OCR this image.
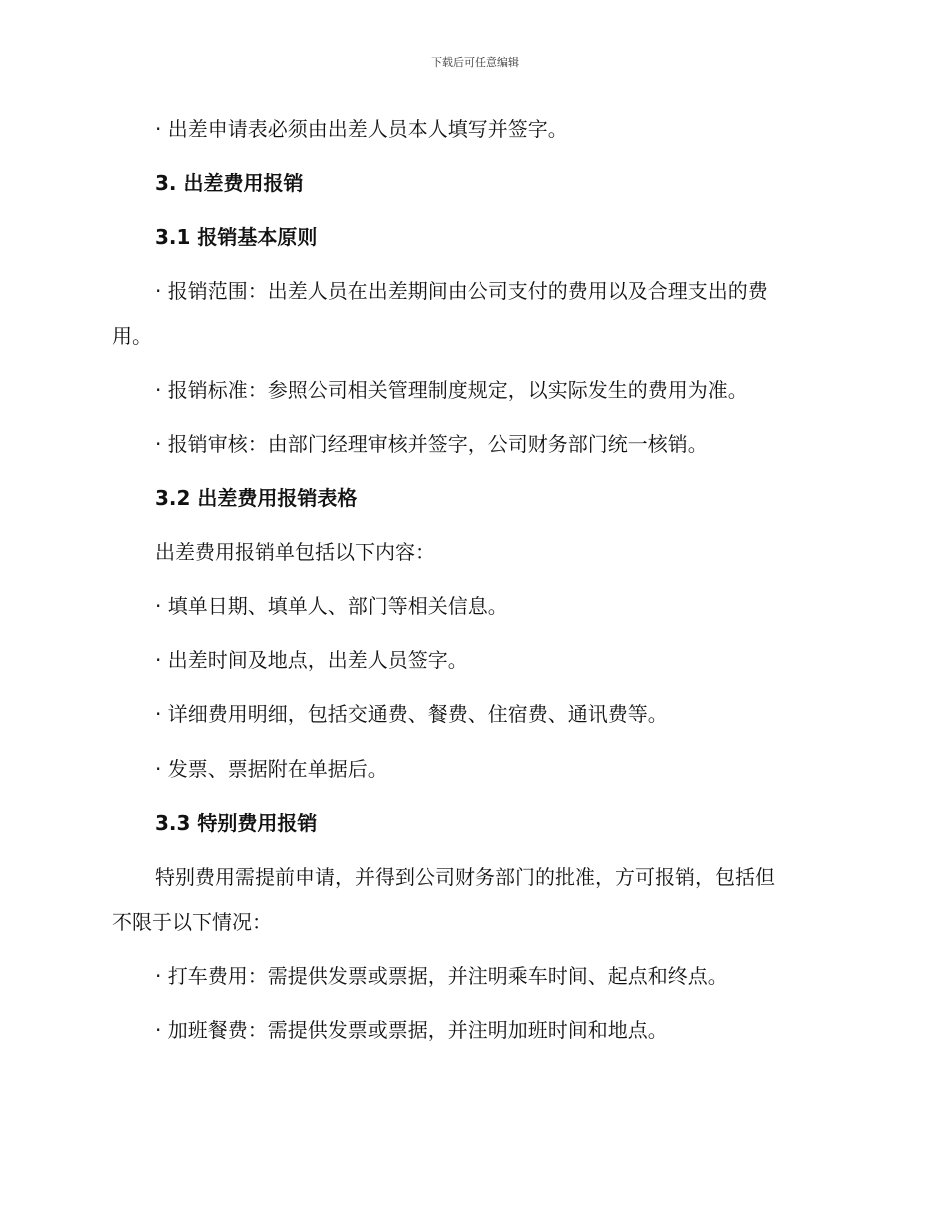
下载后可任意编辑
· 出差申请表必须由出差人员本人填写并签字。
3. 出差费用报销
3.1 报销基本原则
· 报销范围：出差人员在出差期间由公司支付的费用以及合理支出的费
用。
· 报销标准：参照公司相关管理制度规定，以实际发生的费用为准。
· 报销审核：由部门经理审核并签字，公司财务部门统一核销。
3.2 出差费用报销表格
出差费用报销单包括以下内容：
· 填单日期、填单人、部门等相关信息。
· 出差时间及地点，出差人员签字。
· 详细费用明细，包括交通费、餐费、住宿费、通讯费等。
· 发票、票据附在单据后。
3.3 特别费用报销
特别费用需提前申请，并得到公司财务部门的批准，方可报销，包括但
不限于以下情况：
· 打车费用：需提供发票或票据，并注明乘车时间、起点和终点。
· 加班餐费：需提供发票或票据，并注明加班时间和地点。
